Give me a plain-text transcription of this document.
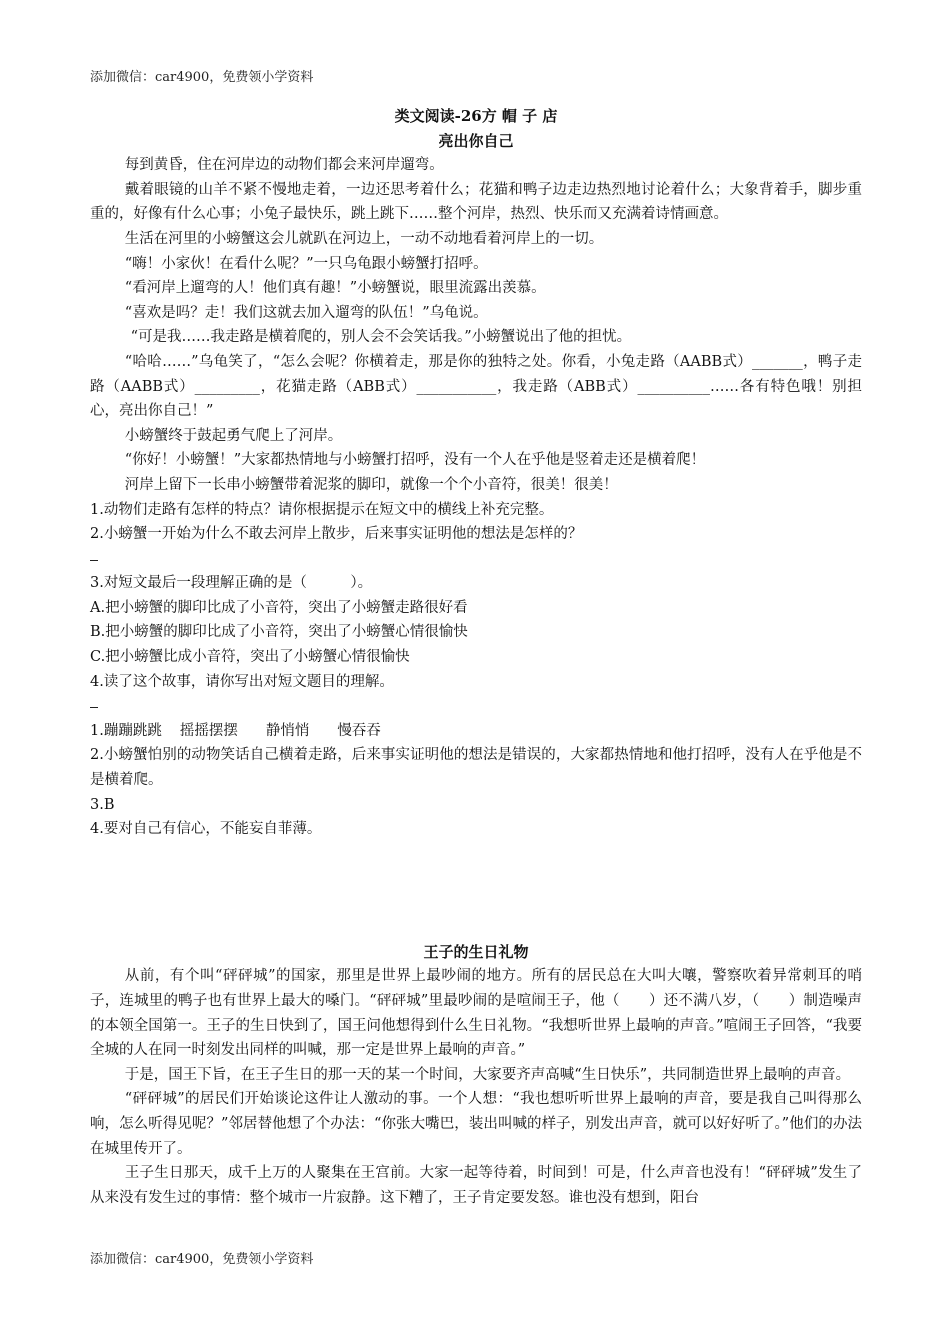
添加微信：car4900，免费领小学资料

类文阅读-26方 帽 子 店

亮出你自己

每到黄昏，住在河岸边的动物们都会来河岸遛弯。

戴着眼镜的山羊不紧不慢地走着，一边还思考着什么；花猫和鸭子边走边热烈地讨论着什么；大象背着手，脚步重重的，好像有什么心事；小兔子最快乐，跳上跳下……整个河岸，热烈、快乐而又充满着诗情画意。

生活在河里的小螃蟹这会儿就趴在河边上，一动不动地看着河岸上的一切。

“嗨！小家伙！在看什么呢？”一只乌龟跟小螃蟹打招呼。

“看河岸上遛弯的人！他们真有趣！”小螃蟹说，眼里流露出羡慕。

“喜欢是吗？走！我们这就去加入遛弯的队伍！”乌龟说。

“可是我……我走路是横着爬的，别人会不会笑话我。”小螃蟹说出了他的担忧。

“哈哈……”乌龟笑了，“怎么会呢？你横着走，那是你的独特之处。你看，小兔走路（AABB式）_______，鸭子走路（AABB式）_________，花猫走路（ABB式）___________，我走路（ABB式）__________……各有特色哦！别担心，亮出你自己！”

小螃蟹终于鼓起勇气爬上了河岸。

“你好！小螃蟹！”大家都热情地与小螃蟹打招呼，没有一个人在乎他是竖着走还是横着爬！

河岸上留下一长串小螃蟹带着泥浆的脚印，就像一个个小音符，很美！很美！

1.动物们走路有怎样的特点？请你根据提示在短文中的横线上补充完整。

2.小螃蟹一开始为什么不敢去河岸上散步，后来事实证明他的想法是怎样的？

3.对短文最后一段理解正确的是（　　　）。

A.把小螃蟹的脚印比成了小音符，突出了小螃蟹走路很好看

B.把小螃蟹的脚印比成了小音符，突出了小螃蟹心情很愉快

C.把小螃蟹比成小音符，突出了小螃蟹心情很愉快

4.读了这个故事，请你写出对短文题目的理解。

1.蹦蹦跳跳 摇摇摆摆 静悄悄 慢吞吞

2.小螃蟹怕别的动物笑话自己横着走路，后来事实证明他的想法是错误的，大家都热情地和他打招呼，没有人在乎他是不是横着爬。

3.B

4.要对自己有信心，不能妄自菲薄。

王子的生日礼物

从前，有个叫“砰砰城”的国家，那里是世界上最吵闹的地方。所有的居民总在大叫大嚷，警察吹着异常刺耳的哨子，连城里的鸭子也有世界上最大的嗓门。“砰砰城”里最吵闹的是喧闹王子，他（　　）还不满八岁，（　　）制造噪声的本领全国第一。王子的生日快到了，国王问他想得到什么生日礼物。“我想听世界上最响的声音。”喧闹王子回答，“我要全城的人在同一时刻发出同样的叫喊，那一定是世界上最响的声音。”

于是，国王下旨，在王子生日的那一天的某一个时间，大家要齐声高喊“生日快乐”，共同制造世界上最响的声音。

“砰砰城”的居民们开始谈论这件让人激动的事。一个人想：“我也想听听世界上最响的声音，要是我自己叫得那么响，怎么听得见呢？”邻居替他想了个办法：“你张大嘴巴，装出叫喊的样子，别发出声音，就可以好好听了。”他们的办法在城里传开了。

王子生日那天，成千上万的人聚集在王宫前。大家一起等待着，时间到！可是，什么声音也没有！“砰砰城”发生了从来没有发生过的事情：整个城市一片寂静。这下糟了，王子肯定要发怒。谁也没有想到，阳台

添加微信：car4900，免费领小学资料
